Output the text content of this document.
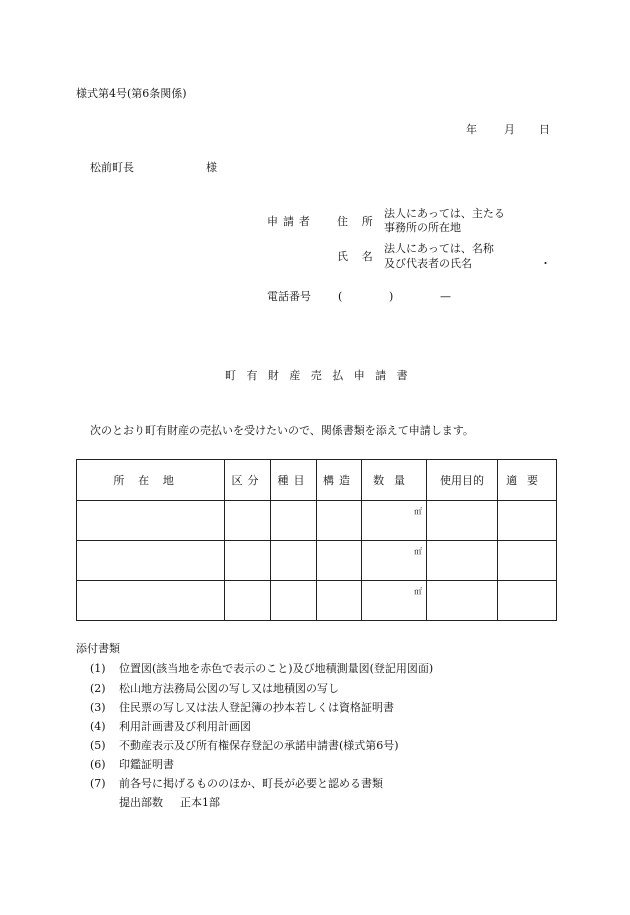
様式第4号(第6条関係)
年 月 日
松前町長	様
申請者 住所
法人にあっては、主たる
事務所の所在地
氏名
法人にあっては、名称
及び代表者の氏名	・
電話番号 (	)	—
町有財産売払申請書
次のとおり町有財産の売払いを受けたいので、関係書類を添えて申請します。
所在地	区分	種目	構造	数量	使用目的	適要

				㎡		

				㎡		

				㎡		

添付書類
(1) 位置図(該当地を赤色で表示のこと)及び地積測量図(登記用図面)
(2) 松山地方法務局公図の写し又は地積図の写し
(3) 住民票の写し又は法人登記簿の抄本若しくは資格証明書
(4) 利用計画書及び利用計画図
(5) 不動産表示及び所有権保存登記の承諾申請書(様式第6号)
(6) 印鑑証明書
(7) 前各号に掲げるもののほか、町長が必要と認める書類
提出部数 正本1部
